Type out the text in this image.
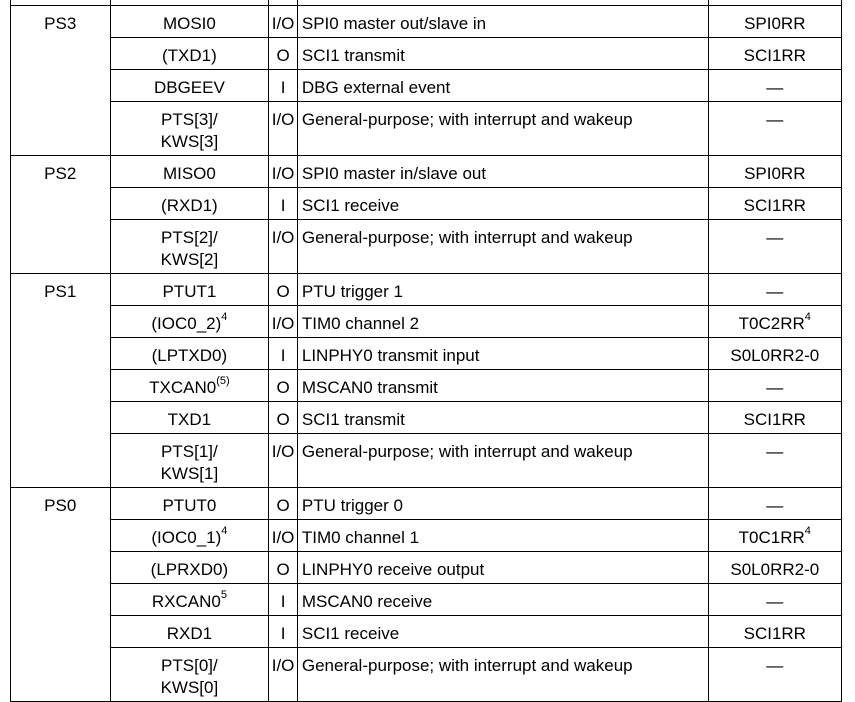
PS3	MOSI0	I/O	SPI0 master out/slave in	SPI0RR
	(TXD1)	O	SCI1 transmit	SCI1RR
	DBGEEV	I	DBG external event	—
	PTS[3]/
KWS[3]	I/O	General-purpose; with interrupt and wakeup	—
PS2	MISO0	I/O	SPI0 master in/slave out	SPI0RR
	(RXD1)	I	SCI1 receive	SCI1RR
	PTS[2]/
KWS[2]	I/O	General-purpose; with interrupt and wakeup	—
PS1	PTUT1	O	PTU trigger 1	—
	(IOC0_2)$^4$	I/O	TIM0 channel 2	$T0C2RR^4$
	(LPTXD0)	I	LINPHY0 transmit input	S0L0RR2-0
	TXCAN0$^{(5)}$	O	MSCAN0 transmit	—
	TXD1	O	SCI1 transmit	SCI1RR
	PTS[1]/
KWS[1]	I/O	General-purpose; with interrupt and wakeup	—
PS0	PTUT0	O	PTU trigger 0	—
	(IOC0_1)$^4$	I/O	TIM0 channel 1	$T0C1RR^4$
	(LPRXD0)	O	LINPHY0 receive output	S0L0RR2-0
	$RXCAN0^5$	I	MSCAN0 receive	—
	RXD1	I	SCI1 receive	SCI1RR
	PTS[0]/
KWS[0]	I/O	General-purpose; with interrupt and wakeup	—
